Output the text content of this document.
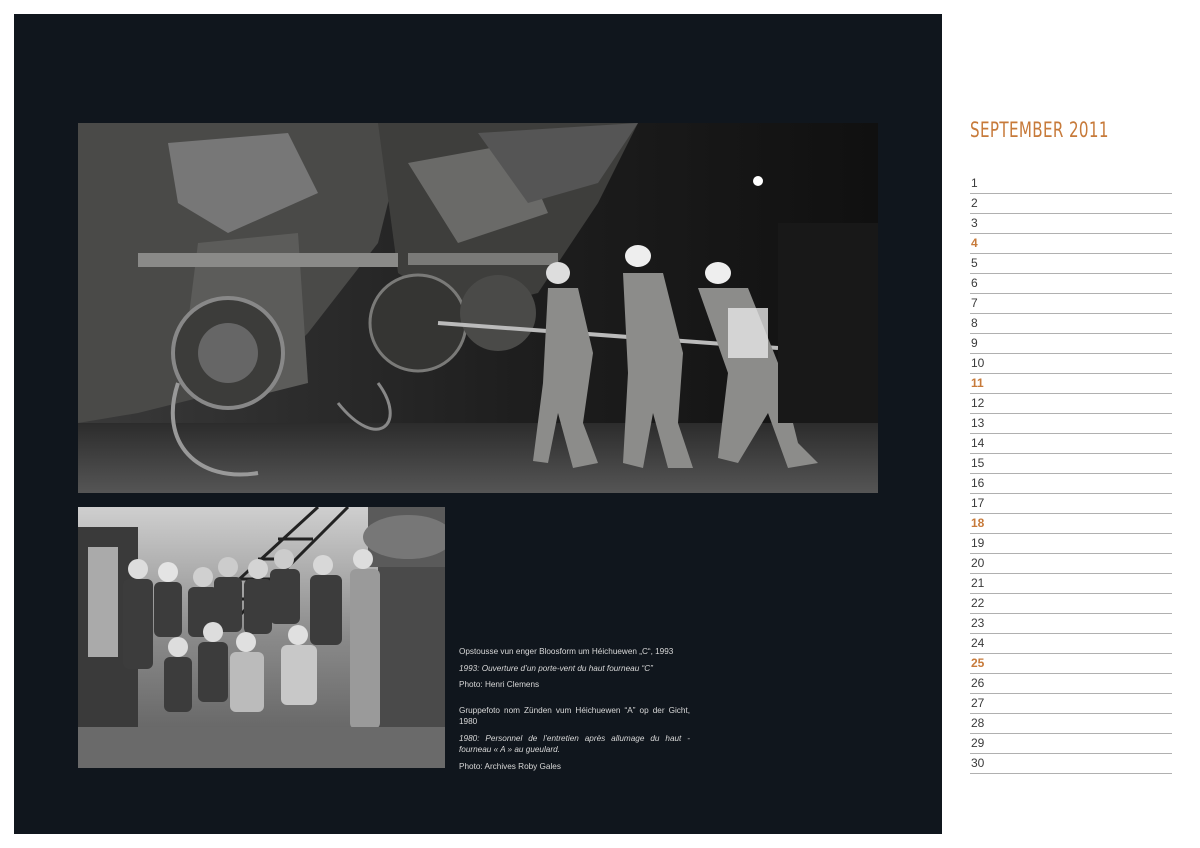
Opstousse vun enger Bloosform um Héichuewen „C“, 1993

1993: Ouverture d’un porte-vent du haut fourneau “C”

Photo: Henri Clemens

Gruppefoto nom Zünden vum Héichuewen “A” op der Gicht, 1980

1980: Personnel de l’entretien après allumage du haut - fourneau « A » au gueulard.

Photo: Archives Roby Gales

SEPTEMBER 2011
1
2
3
4
5
6
7
8
9
10
11
12
13
14
15
16
17
18
19
20
21
22
23
24
25
26
27
28
29
30
